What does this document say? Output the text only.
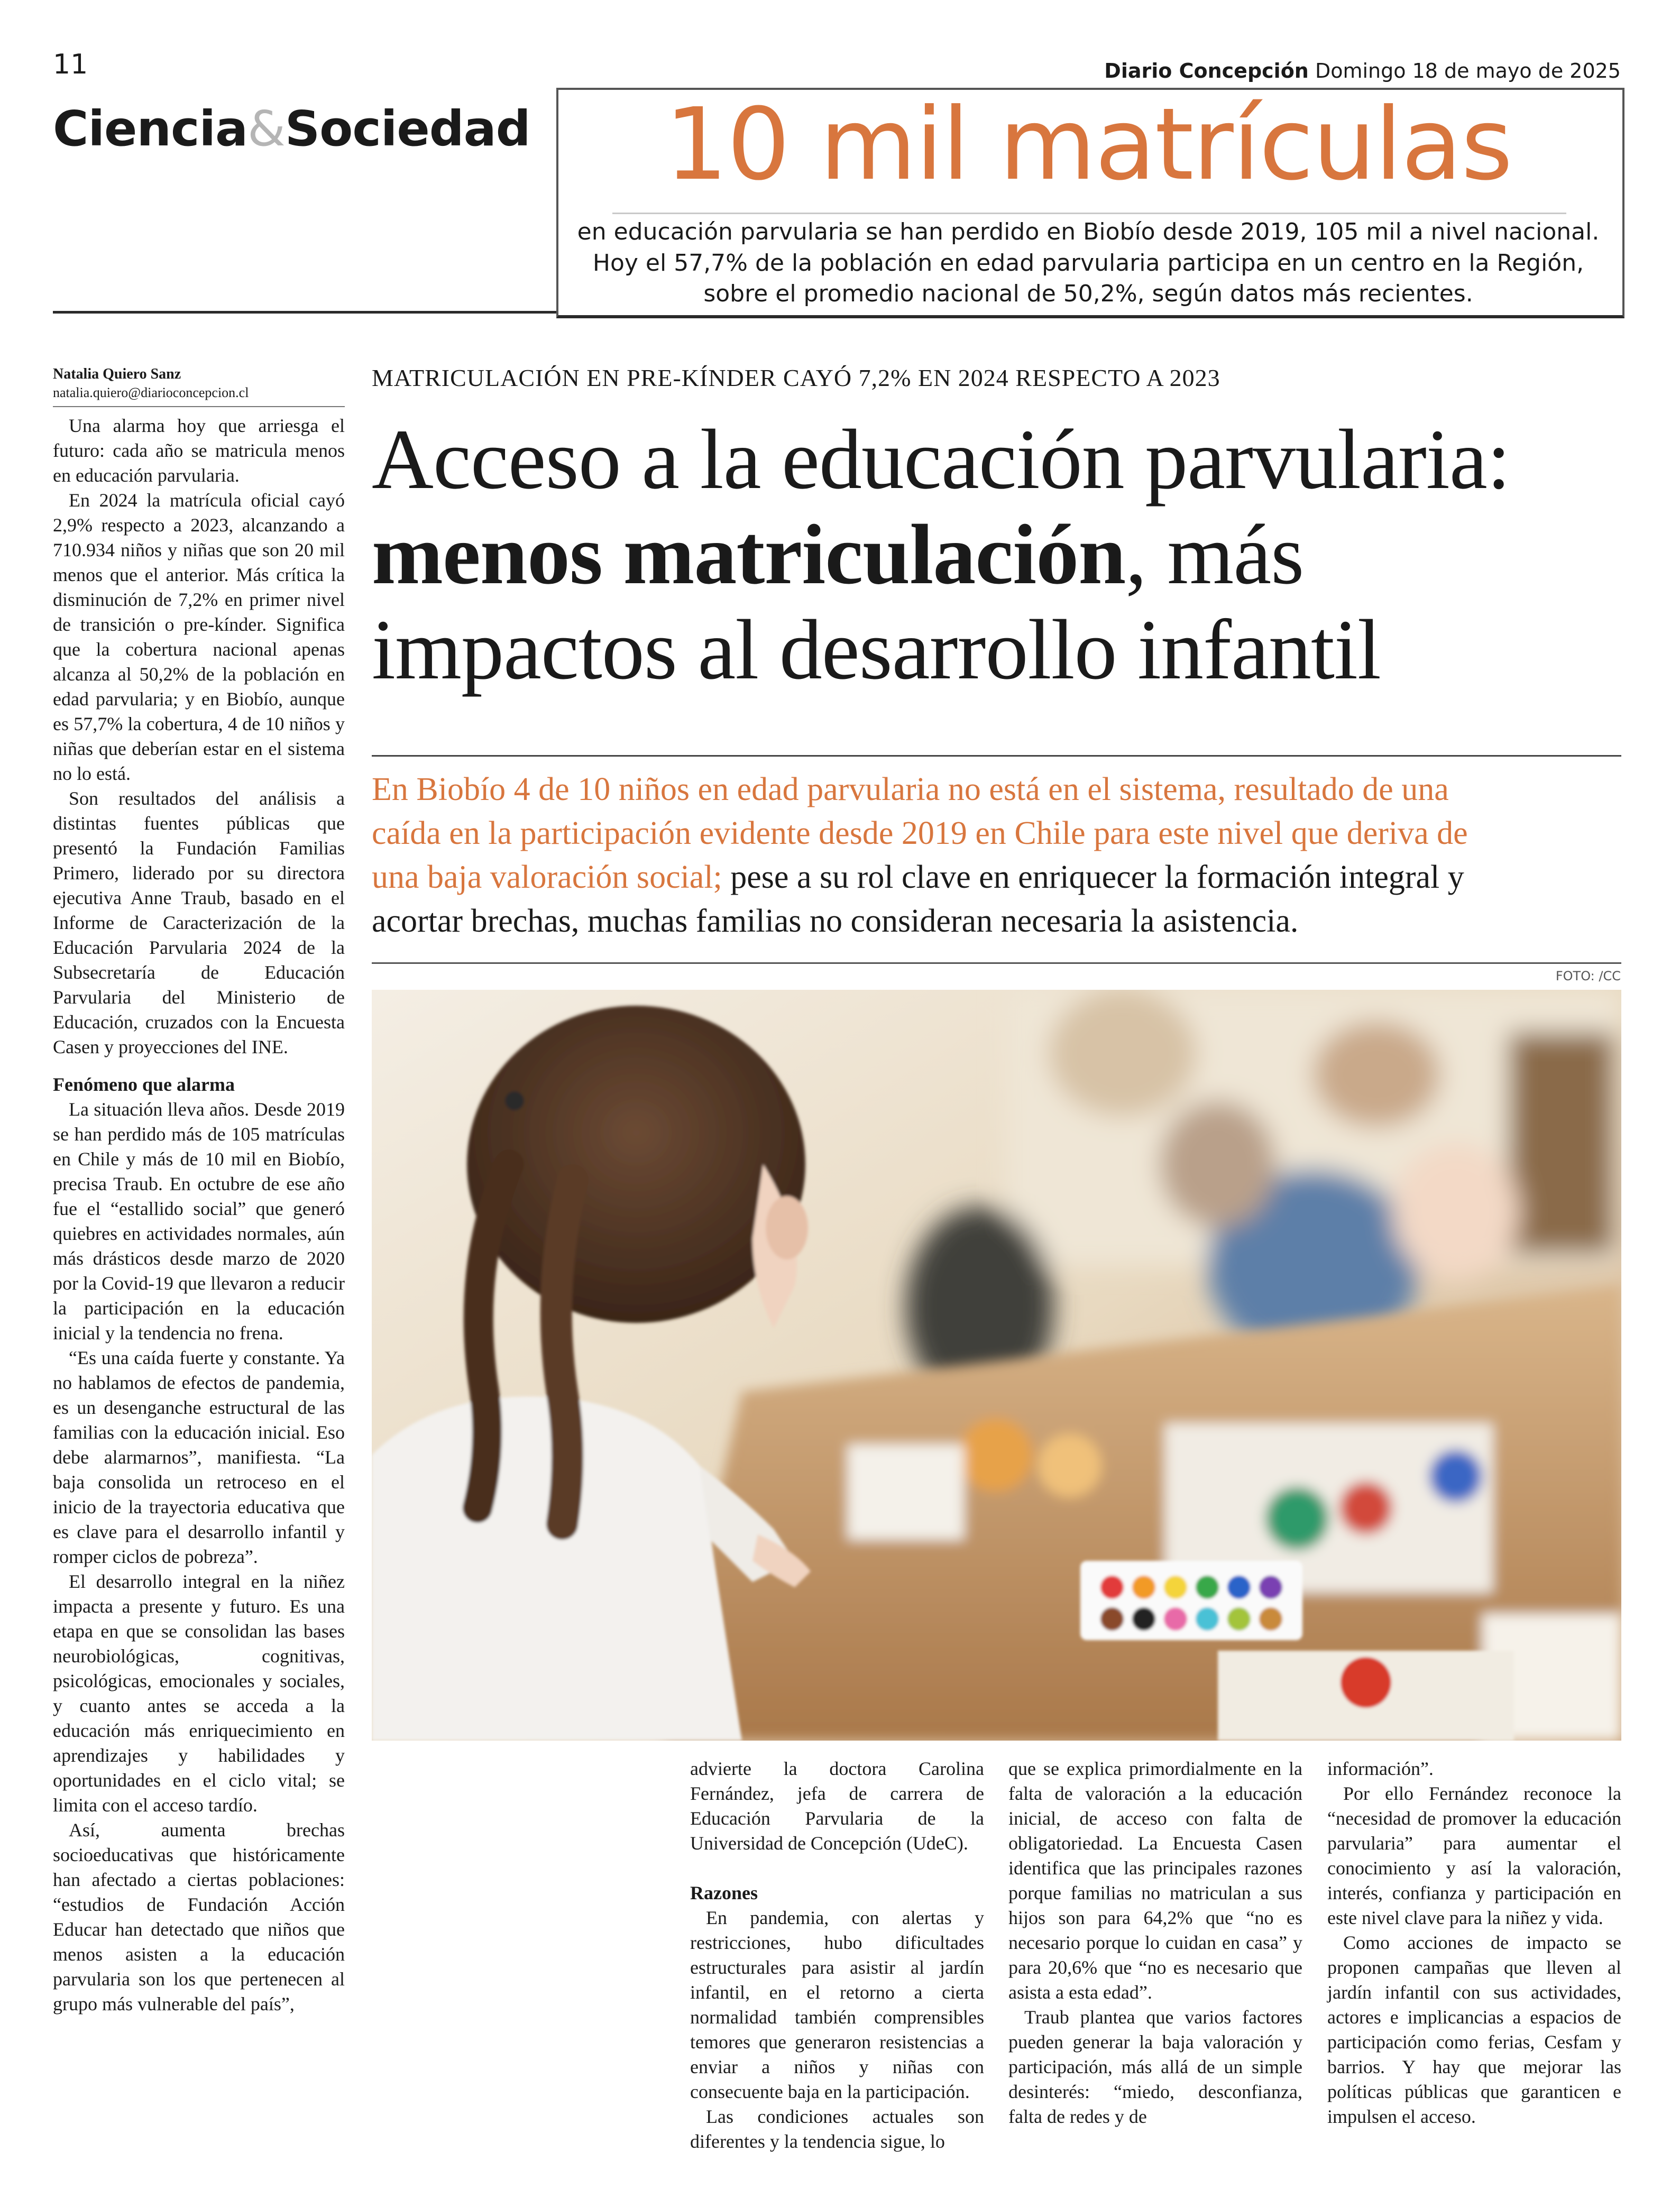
11	Diario Concepción Domingo 18 de mayo de 2025
Ciencia&Sociedad	10 mil matrículas
en educación parvularia se han perdido en Biobío desde 2019, 105 mil a nivel nacional.
Hoy el 57,7% de la población en edad parvularia participa en un centro en la Región,
sobre el promedio nacional de 50,2%, según datos más recientes.
Natalia Quiero Sanz
natalia.quiero@diarioconcepcion.cl

Una alarma hoy que arriesga el futuro: cada año se matricula menos en educación parvularia.

En 2024 la matrícula oficial cayó 2,9% respecto a 2023, alcanzando a 710.934 niños y niñas que son 20 mil menos que el anterior. Más crítica la disminución de 7,2% en primer nivel de transición o pre-kínder. Significa que la cobertura nacional apenas alcanza al 50,2% de la población en edad parvularia; y en Biobío, aunque es 57,7% la cobertura, 4 de 10 niños y niñas que deberían estar en el sistema no lo está.

Son resultados del análisis a distintas fuentes públicas que presentó la Fundación Familias Primero, liderado por su directora ejecutiva Anne Traub, basado en el Informe de Caracterización de la Educación Parvularia 2024 de la Subsecretaría de Educación Parvularia del Ministerio de Educación, cruzados con la Encuesta Casen y proyecciones del INE.

Fenómeno que alarma

La situación lleva años. Desde 2019 se han perdido más de 105 matrículas en Chile y más de 10 mil en Biobío, precisa Traub. En octubre de ese año fue el “estallido social” que generó quiebres en actividades normales, aún más drásticos desde marzo de 2020 por la Covid-19 que llevaron a reducir la participación en la educación inicial y la tendencia no frena.

“Es una caída fuerte y constante. Ya no hablamos de efectos de pandemia, es un desenganche estructural de las familias con la educación inicial. Eso debe alarmarnos”, manifiesta. “La baja consolida un retroceso en el inicio de la trayectoria educativa que es clave para el desarrollo infantil y romper ciclos de pobreza”.

El desarrollo integral en la niñez impacta a presente y futuro. Es una etapa en que se consolidan las bases neurobiológicas, cognitivas, psicológicas, emocionales y sociales, y cuanto antes se acceda a la educación más enriquecimiento en aprendizajes y habilidades y oportunidades en el ciclo vital; se limita con el acceso tardío.

Así, aumenta brechas socioeducativas que históricamente han afectado a ciertas poblaciones: “estudios de Fundación Acción Educar han detectado que niños que menos asisten a la educación parvularia son los que pertenecen al grupo más vulnerable del país”,

MATRICULACIÓN EN PRE-KÍNDER CAYÓ 7,2% EN 2024 RESPECTO A 2023
Acceso a la educación parvularia:
menos matriculación, más
impactos al desarrollo infantil
En Biobío 4 de 10 niños en edad parvularia no está en el sistema, resultado de una
caída en la participación evidente desde 2019 en Chile para este nivel que deriva de
una baja valoración social; pese a su rol clave en enriquecer la formación integral y
acortar brechas, muchas familias no consideran necesaria la asistencia.
FOTO: /CC

advierte la doctora Carolina Fernández, jefa de carrera de Educación Parvularia de la Universidad de Concepción (UdeC).

Razones

En pandemia, con alertas y restricciones, hubo dificultades estructurales para asistir al jardín infantil, en el retorno a cierta normalidad también comprensibles temores que generaron resistencias a enviar a niños y niñas con consecuente baja en la participación.

Las condiciones actuales son diferentes y la tendencia sigue, lo

que se explica primordialmente en la falta de valoración a la educación inicial, de acceso con falta de obligatoriedad. La Encuesta Casen identifica que las principales razones porque familias no matriculan a sus hijos son para 64,2% que “no es necesario porque lo cuidan en casa” y para 20,6% que “no es necesario que asista a esta edad”.

Traub plantea que varios factores pueden generar la baja valoración y participación, más allá de un simple desinterés: “miedo, desconfianza, falta de redes y de

información”.

Por ello Fernández reconoce la “necesidad de promover la educación parvularia” para aumentar el conocimiento y así la valoración, interés, confianza y participación en este nivel clave para la niñez y vida.

Como acciones de impacto se proponen campañas que lleven al jardín infantil con sus actividades, actores e implicancias a espacios de participación como ferias, Cesfam y barrios. Y hay que mejorar las políticas públicas que garanticen e impulsen el acceso.
